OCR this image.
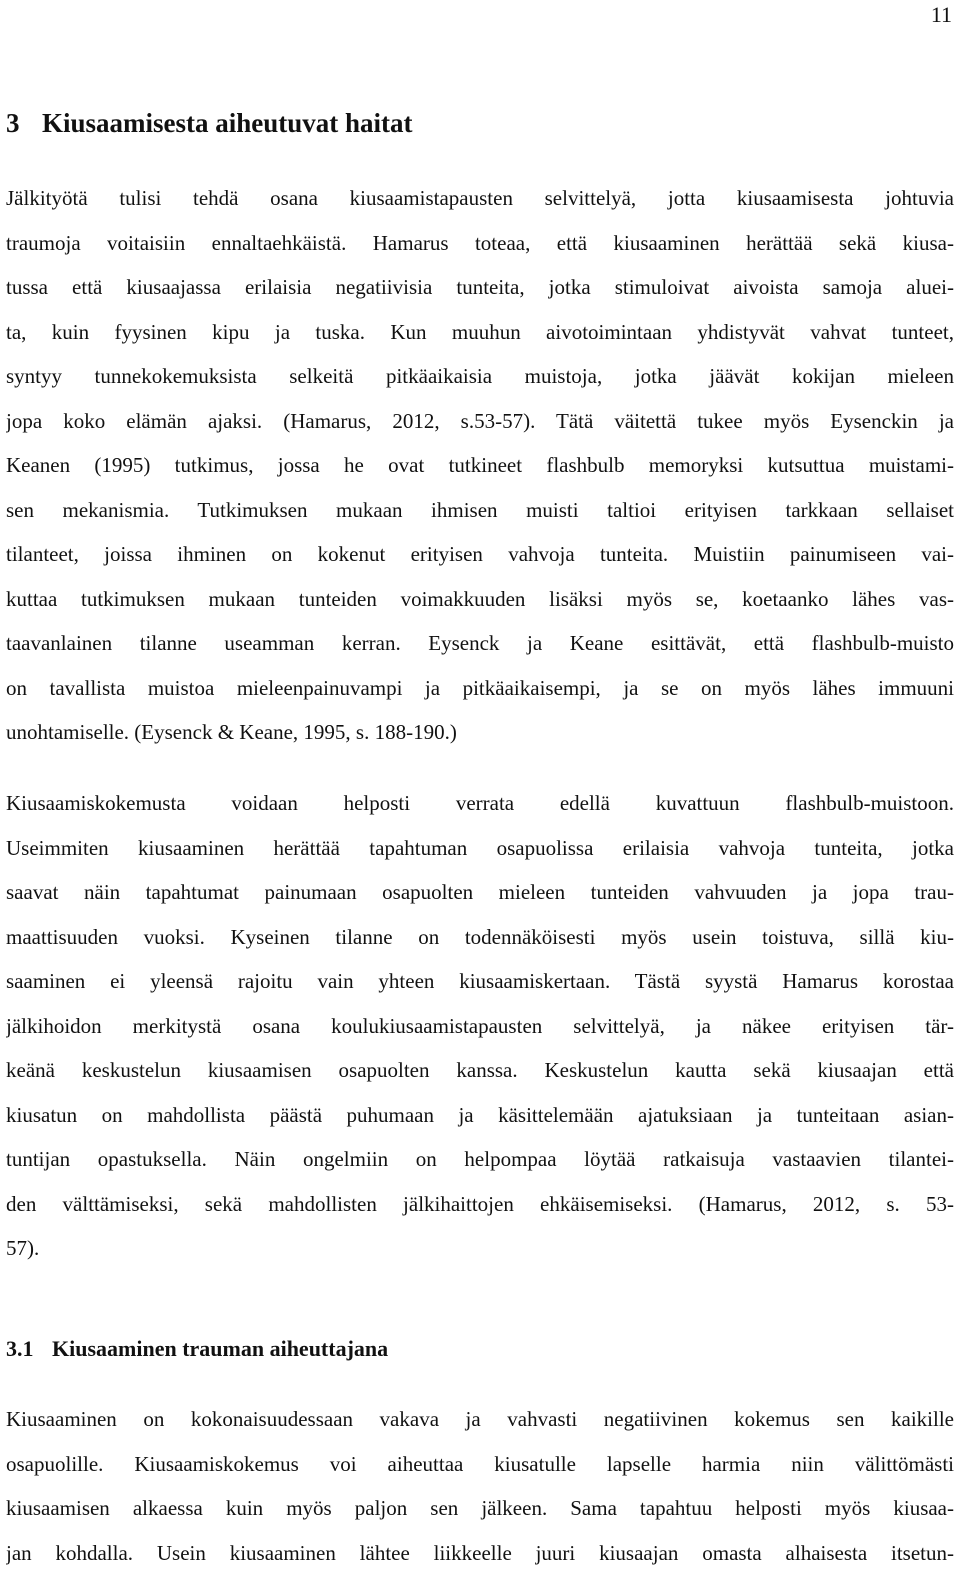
11
3 Kiusaamisesta aiheutuvat haitat
Jälkityötä tulisi tehdä osana kiusaamistapausten selvittelyä, jotta kiusaamisesta johtuvia
traumoja voitaisiin ennaltaehkäistä. Hamarus toteaa, että kiusaaminen herättää sekä kiusa-
tussa että kiusaajassa erilaisia negatiivisia tunteita, jotka stimuloivat aivoista samoja aluei-
ta, kuin fyysinen kipu ja tuska. Kun muuhun aivotoimintaan yhdistyvät vahvat tunteet,
syntyy tunnekokemuksista selkeitä pitkäaikaisia muistoja, jotka jäävät kokijan mieleen
jopa koko elämän ajaksi. (Hamarus, 2012, s.53-57). Tätä väitettä tukee myös Eysenckin ja
Keanen (1995) tutkimus, jossa he ovat tutkineet flashbulb memoryksi kutsuttua muistami-
sen mekanismia. Tutkimuksen mukaan ihmisen muisti taltioi erityisen tarkkaan sellaiset
tilanteet, joissa ihminen on kokenut erityisen vahvoja tunteita. Muistiin painumiseen vai-
kuttaa tutkimuksen mukaan tunteiden voimakkuuden lisäksi myös se, koetaanko lähes vas-
taavanlainen tilanne useamman kerran. Eysenck ja Keane esittävät, että flashbulb-muisto
on tavallista muistoa mieleenpainuvampi ja pitkäaikaisempi, ja se on myös lähes immuuni
unohtamiselle. (Eysenck & Keane, 1995, s. 188-190.)
Kiusaamiskokemusta voidaan helposti verrata edellä kuvattuun flashbulb-muistoon.
Useimmiten kiusaaminen herättää tapahtuman osapuolissa erilaisia vahvoja tunteita, jotka
saavat näin tapahtumat painumaan osapuolten mieleen tunteiden vahvuuden ja jopa trau-
maattisuuden vuoksi. Kyseinen tilanne on todennäköisesti myös usein toistuva, sillä kiu-
saaminen ei yleensä rajoitu vain yhteen kiusaamiskertaan. Tästä syystä Hamarus korostaa
jälkihoidon merkitystä osana koulukiusaamistapausten selvittelyä, ja näkee erityisen tär-
keänä keskustelun kiusaamisen osapuolten kanssa. Keskustelun kautta sekä kiusaajan että
kiusatun on mahdollista päästä puhumaan ja käsittelemään ajatuksiaan ja tunteitaan asian-
tuntijan opastuksella. Näin ongelmiin on helpompaa löytää ratkaisuja vastaavien tilantei-
den välttämiseksi, sekä mahdollisten jälkihaittojen ehkäisemiseksi. (Hamarus, 2012, s. 53-
57).
3.1 Kiusaaminen trauman aiheuttajana
Kiusaaminen on kokonaisuudessaan vakava ja vahvasti negatiivinen kokemus sen kaikille
osapuolille. Kiusaamiskokemus voi aiheuttaa kiusatulle lapselle harmia niin välittömästi
kiusaamisen alkaessa kuin myös paljon sen jälkeen. Sama tapahtuu helposti myös kiusaa-
jan kohdalla. Usein kiusaaminen lähtee liikkeelle juuri kiusaajan omasta alhaisesta itsetun-
